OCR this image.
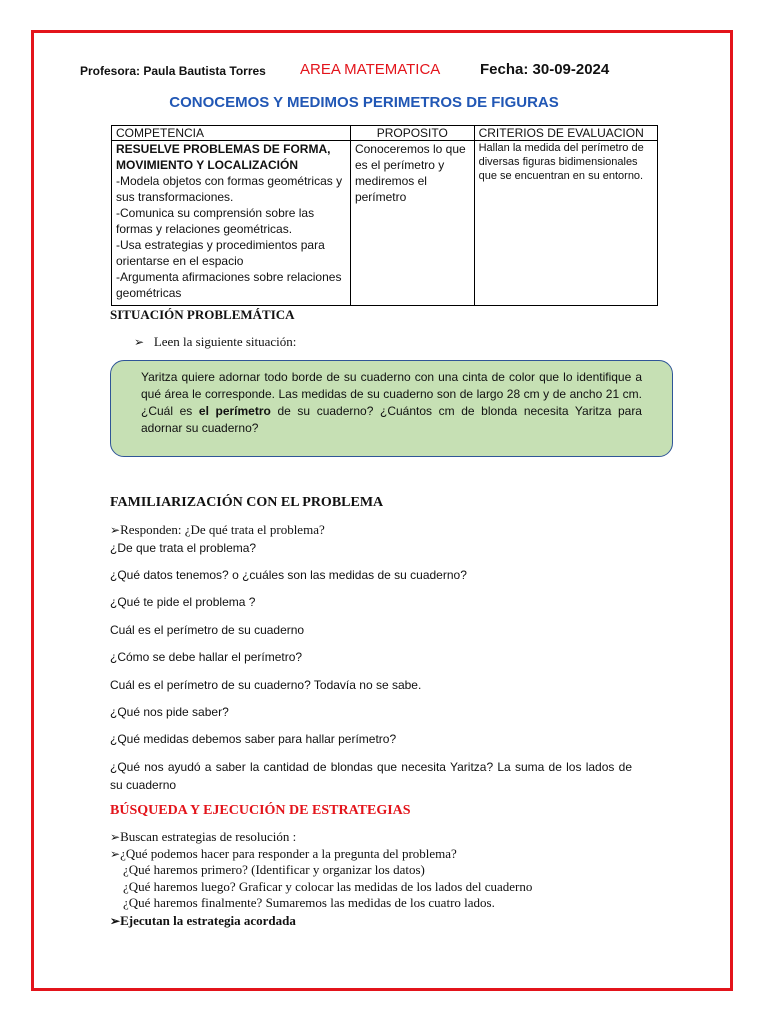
Profesora: Paula Bautista Torres AREA MATEMATICA	Fecha: 30-09-2024
CONOCEMOS Y MEDIMOS PERIMETROS DE FIGURAS
COMPETENCIA	PROPOSITO	CRITERIOS DE EVALUACION

RESUELVE PROBLEMAS DE FORMA, MOVIMIENTO Y LOCALIZACIÓN
-Modela objetos con formas geométricas y sus transformaciones.
-Comunica su comprensión sobre las formas y relaciones geométricas.
-Usa estrategias y procedimientos para orientarse en el espacio
-Argumenta afirmaciones sobre relaciones geométricas	Conoceremos lo que es el perímetro y mediremos el perímetro	Hallan la medida del perímetro de diversas figuras bidimensionales que se encuentran en su entorno.
SITUACIÓN PROBLEMÁTICA
➢ Leen la siguiente situación:
Yaritza quiere adornar todo borde de su cuaderno con una cinta de color que lo identifique a qué área le corresponde. Las medidas de su cuaderno son de largo 28 cm y de ancho 21 cm. ¿Cuál es el perímetro de su cuaderno? ¿Cuántos cm de blonda necesita Yaritza para adornar su cuaderno?
FAMILIARIZACIÓN CON EL PROBLEMA
➢Responden: ¿De qué trata el problema?
¿De que trata el problema?
¿Qué datos tenemos? o ¿cuáles son las medidas de su cuaderno?
¿Qué te pide el problema ?
Cuál es el perímetro de su cuaderno
¿Cómo se debe hallar el perímetro?
Cuál es el perímetro de su cuaderno? Todavía no se sabe.
¿Qué nos pide saber?
¿Qué medidas debemos saber para hallar perímetro?
¿Qué nos ayudó a saber la cantidad de blondas que necesita Yaritza? La suma de los lados de su cuaderno
BÚSQUEDA Y EJECUCIÓN DE ESTRATEGIAS
➢Buscan estrategias de resolución :
➢¿Qué podemos hacer para responder a la pregunta del problema?
¿Qué haremos primero? (Identificar y organizar los datos)
¿Qué haremos luego? Graficar y colocar las medidas de los lados del cuaderno
¿Qué haremos finalmente? Sumaremos las medidas de los cuatro lados.
➢Ejecutan la estrategia acordada
